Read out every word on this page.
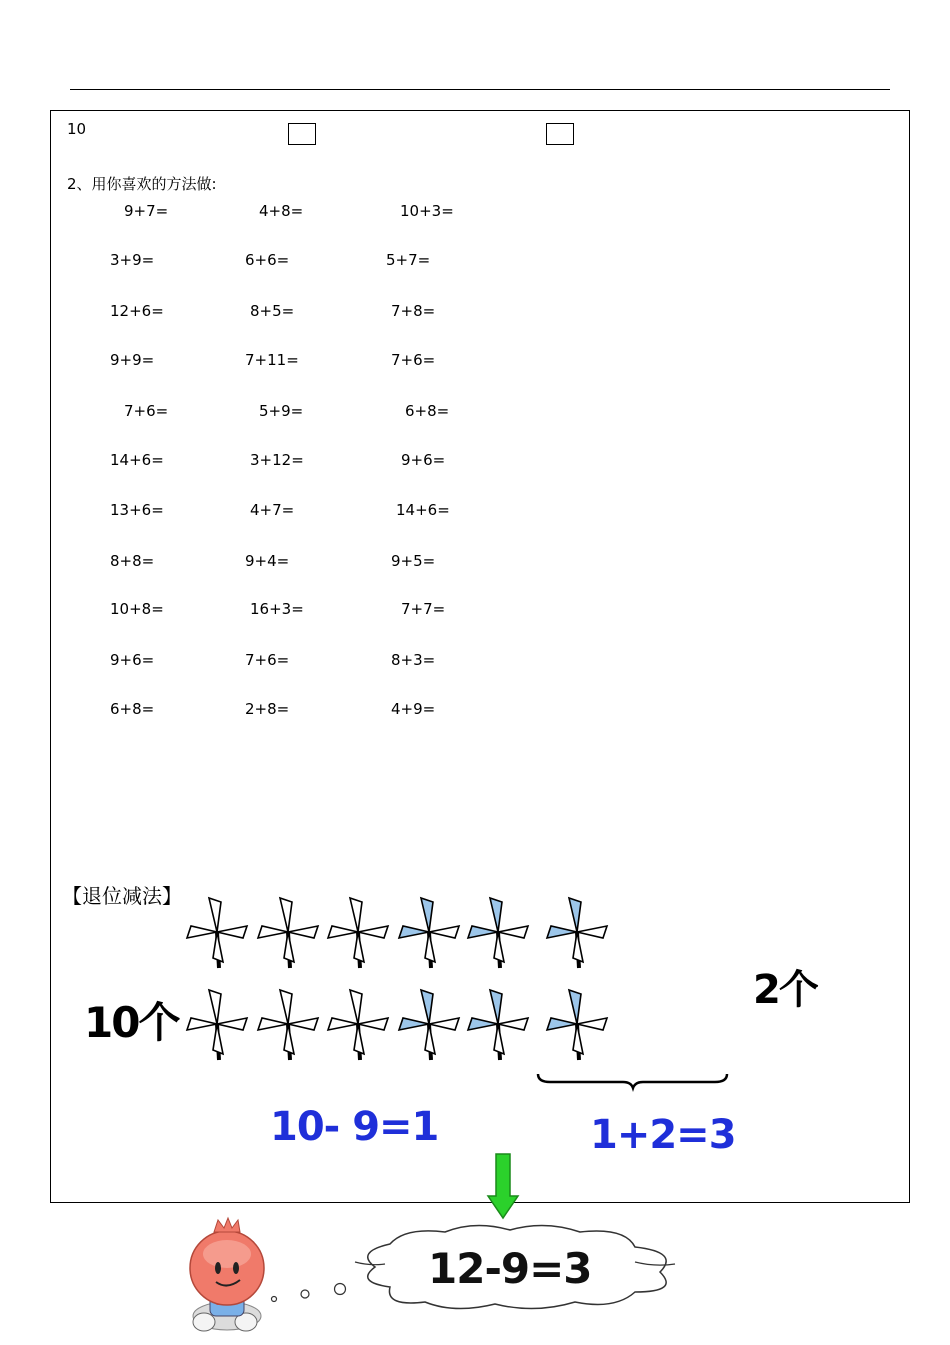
10
2、用你喜欢的方法做:
9+7=	4+8=	10+3=
3+9=	6+6=	5+7=
12+6=	8+5=	7+8=
9+9=	7+11=	7+6=
7+6=	5+9=	6+8=
14+6=	3+12=	9+6=
13+6=	4+7=	14+6=
8+8=	9+4=	9+5=
10+8=	16+3=	7+7=
9+6=	7+6=	8+3=
6+8=	2+8=	4+9=
【退位减法】
10个
2个
10- 9=1	1+2=3
12-9=3
